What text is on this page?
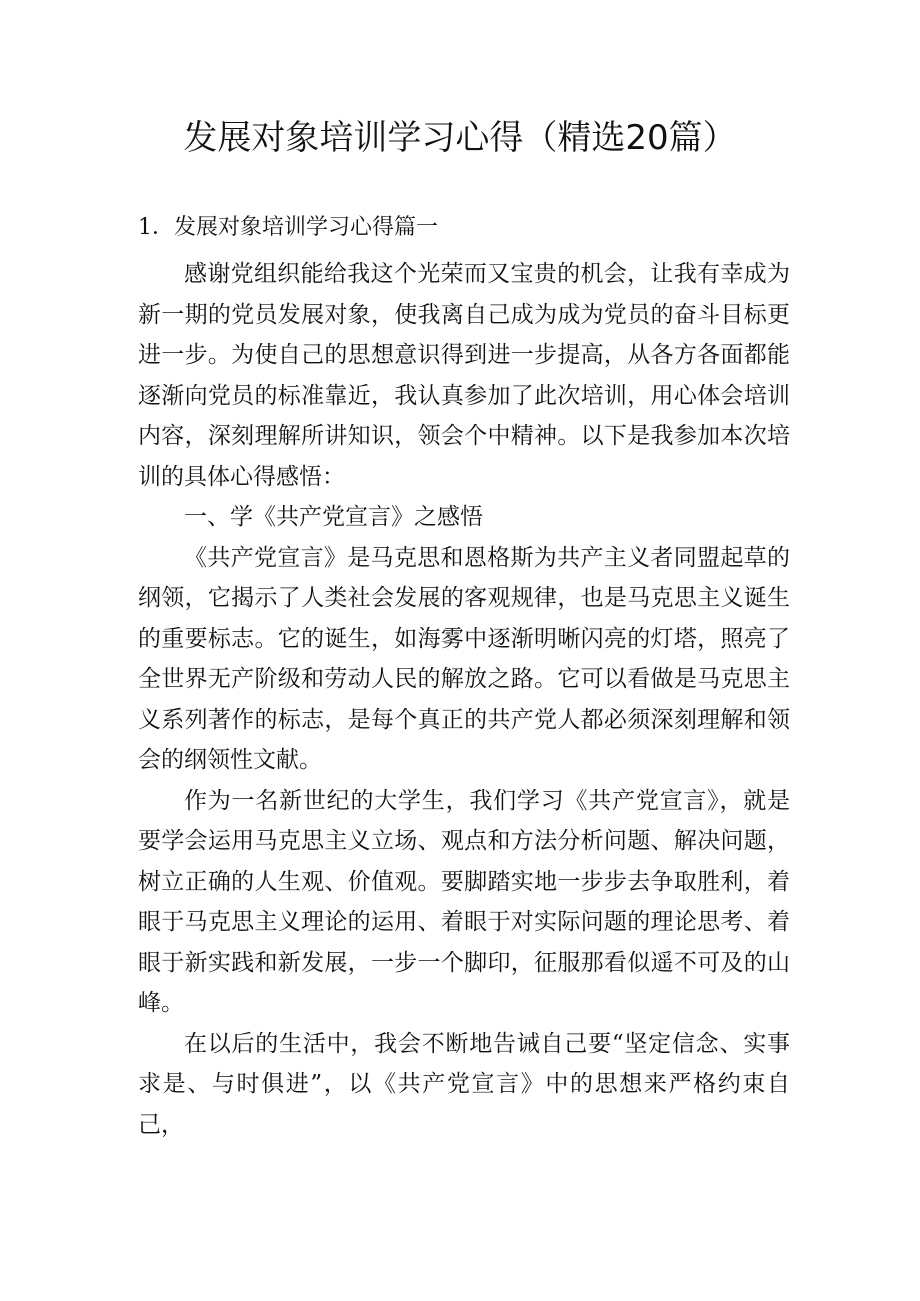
发展对象培训学习心得（精选20篇）

1．发展对象培训学习心得篇一

感谢党组织能给我这个光荣而又宝贵的机会，让我有幸成为新一期的党员发展对象，使我离自己成为成为党员的奋斗目标更进一步。为使自己的思想意识得到进一步提高，从各方各面都能逐渐向党员的标准靠近，我认真参加了此次培训，用心体会培训内容，深刻理解所讲知识，领会个中精神。以下是我参加本次培训的具体心得感悟：

一、学《共产党宣言》之感悟

《共产党宣言》是马克思和恩格斯为共产主义者同盟起草的纲领，它揭示了人类社会发展的客观规律，也是马克思主义诞生的重要标志。它的诞生，如海雾中逐渐明晰闪亮的灯塔，照亮了全世界无产阶级和劳动人民的解放之路。它可以看做是马克思主义系列著作的标志，是每个真正的共产党人都必须深刻理解和领会的纲领性文献。

作为一名新世纪的大学生，我们学习《共产党宣言》，就是要学会运用马克思主义立场、观点和方法分析问题、解决问题，树立正确的人生观、价值观。要脚踏实地一步步去争取胜利，着眼于马克思主义理论的运用、着眼于对实际问题的理论思考、着眼于新实践和新发展，一步一个脚印，征服那看似遥不可及的山峰。

在以后的生活中，我会不断地告诫自己要“坚定信念、实事求是、与时俱进”，以《共产党宣言》中的思想来严格约束自己，
